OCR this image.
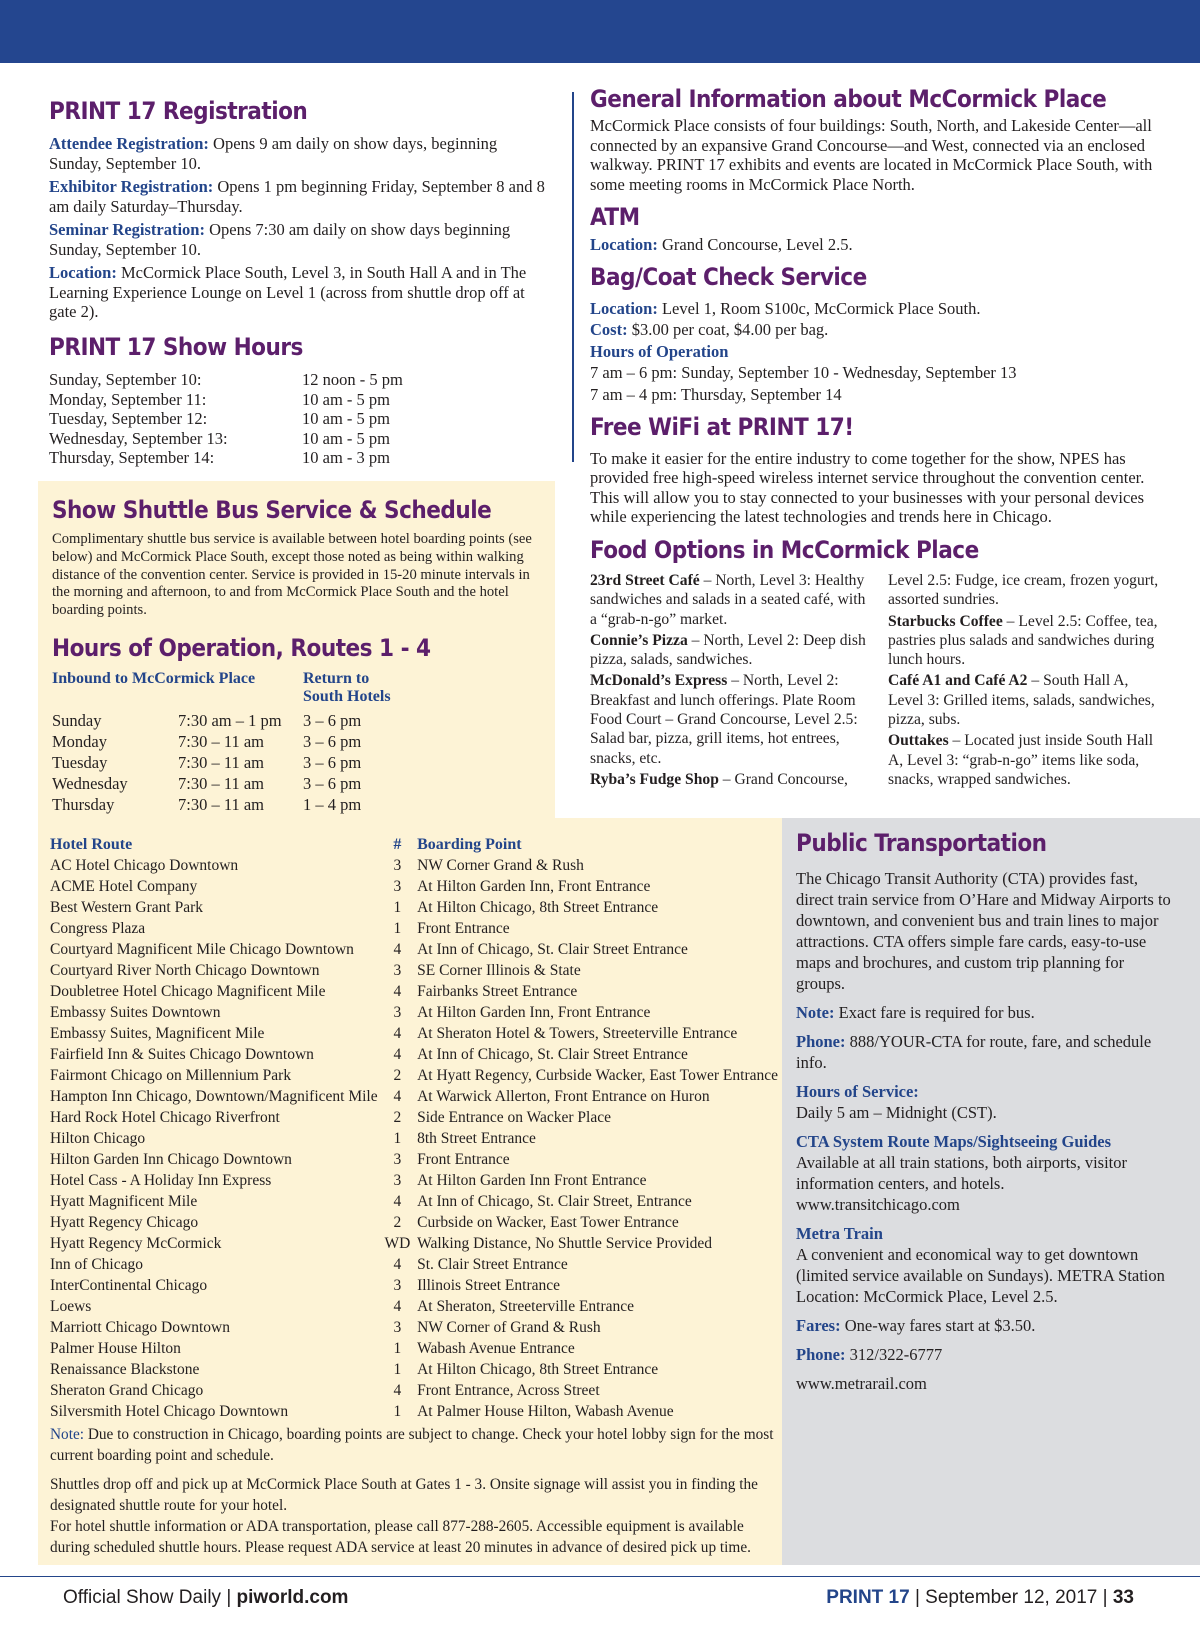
PRINT 17 Registration

Attendee Registration: Opens 9 am daily on show days, beginning Sunday, September 10.

Exhibitor Registration: Opens 1 pm beginning Friday, September 8 and 8 am daily Saturday–Thursday.

Seminar Registration: Opens 7:30 am daily on show days beginning Sunday, September 10.

Location: McCormick Place South, Level 3, in South Hall A and in The Learning Experience Lounge on Level 1 (across from shuttle drop off at gate 2).

PRINT 17 Show Hours
Sunday, September 10:	12 noon - 5 pm
Monday, September 11:	10 am - 5 pm
Tuesday, September 12:	10 am - 5 pm
Wednesday, September 13:	10 am - 5 pm
Thursday, September 14:	10 am - 3 pm
General Information about McCormick Place

McCormick Place consists of four buildings: South, North, and Lakeside Center—all connected by an expansive Grand Concourse—and West, connected via an enclosed walkway. PRINT 17 exhibits and events are located in McCormick Place South, with some meeting rooms in McCormick Place North.

ATM

Location: Grand Concourse, Level 2.5.

Bag/Coat Check Service

Location: Level 1, Room S100c, McCormick Place South.

Cost: $3.00 per coat, $4.00 per bag.

Hours of Operation

7 am – 6 pm: Sunday, September 10 - Wednesday, September 13

7 am – 4 pm: Thursday, September 14

Free WiFi at PRINT 17!

To make it easier for the entire industry to come together for the show, NPES has provided free high-speed wireless internet service throughout the convention center. This will allow you to stay connected to your businesses with your personal devices while experiencing the latest technologies and trends here in Chicago.

Food Options in McCormick Place

23rd Street Café – North, Level 3: Healthy sandwiches and salads in a seated café, with a “grab-n-go” market.

Connie’s Pizza – North, Level 2: Deep dish pizza, salads, sandwiches.

McDonald’s Express – North, Level 2: Breakfast and lunch offerings. Plate Room Food Court – Grand Concourse, Level 2.5: Salad bar, pizza, grill items, hot entrees, snacks, etc.

Ryba’s Fudge Shop – Grand Concourse,

Level 2.5: Fudge, ice cream, frozen yogurt, assorted sundries.

Starbucks Coffee – Level 2.5: Coffee, tea, pastries plus salads and sandwiches during lunch hours.

Café A1 and Café A2 – South Hall A, Level 3: Grilled items, salads, sandwiches, pizza, subs.

Outtakes – Located just inside South Hall A, Level 3: “grab-n-go” items like soda, snacks, wrapped sandwiches.

Show Shuttle Bus Service & Schedule

Complimentary shuttle bus service is available between hotel boarding points (see below) and McCormick Place South, except those noted as being within walking distance of the convention center. Service is provided in 15-20 minute intervals in the morning and afternoon, to and from McCormick Place South and the hotel boarding points.

Hours of Operation, Routes 1 - 4
Inbound to McCormick Place		Return to South Hotels

Sunday	7:30 am – 1 pm	3 – 6 pm
Monday	7:30 – 11 am	3 – 6 pm
Tuesday	7:30 – 11 am	3 – 6 pm
Wednesday	7:30 – 11 am	3 – 6 pm
Thursday	7:30 – 11 am	1 – 4 pm
Hotel Route	#	Boarding Point
AC Hotel Chicago Downtown	3	NW Corner Grand & Rush
ACME Hotel Company	3	At Hilton Garden Inn, Front Entrance
Best Western Grant Park	1	At Hilton Chicago, 8th Street Entrance
Congress Plaza	1	Front Entrance
Courtyard Magnificent Mile Chicago Downtown	4	At Inn of Chicago, St. Clair Street Entrance
Courtyard River North Chicago Downtown	3	SE Corner Illinois & State
Doubletree Hotel Chicago Magnificent Mile	4	Fairbanks Street Entrance
Embassy Suites Downtown	3	At Hilton Garden Inn, Front Entrance
Embassy Suites, Magnificent Mile	4	At Sheraton Hotel & Towers, Streeterville Entrance
Fairfield Inn & Suites Chicago Downtown	4	At Inn of Chicago, St. Clair Street Entrance
Fairmont Chicago on Millennium Park	2	At Hyatt Regency, Curbside Wacker, East Tower Entrance
Hampton Inn Chicago, Downtown/Magnificent Mile	4	At Warwick Allerton, Front Entrance on Huron
Hard Rock Hotel Chicago Riverfront	2	Side Entrance on Wacker Place
Hilton Chicago	1	8th Street Entrance
Hilton Garden Inn Chicago Downtown	3	Front Entrance
Hotel Cass - A Holiday Inn Express	3	At Hilton Garden Inn Front Entrance
Hyatt Magnificent Mile	4	At Inn of Chicago, St. Clair Street, Entrance
Hyatt Regency Chicago	2	Curbside on Wacker, East Tower Entrance
Hyatt Regency McCormick	WD	Walking Distance, No Shuttle Service Provided
Inn of Chicago	4	St. Clair Street Entrance
InterContinental Chicago	3	Illinois Street Entrance
Loews	4	At Sheraton, Streeterville Entrance
Marriott Chicago Downtown	3	NW Corner of Grand & Rush
Palmer House Hilton	1	Wabash Avenue Entrance
Renaissance Blackstone	1	At Hilton Chicago, 8th Street Entrance
Sheraton Grand Chicago	4	Front Entrance, Across Street
Silversmith Hotel Chicago Downtown	1	At Palmer House Hilton, Wabash Avenue

Note: Due to construction in Chicago, boarding points are subject to change. Check your hotel lobby sign for the most current boarding point and schedule.

Shuttles drop off and pick up at McCormick Place South at Gates 1 - 3. Onsite signage will assist you in finding the designated shuttle route for your hotel.

For hotel shuttle information or ADA transportation, please call 877-288-2605. Accessible equipment is available during scheduled shuttle hours. Please request ADA service at least 20 minutes in advance of desired pick up time.

Public Transportation

The Chicago Transit Authority (CTA) provides fast, direct train service from O’Hare and Midway Airports to downtown, and convenient bus and train lines to major attractions. CTA offers simple fare cards, easy-to-use maps and brochures, and custom trip planning for groups.

Note: Exact fare is required for bus.

Phone: 888/YOUR-CTA for route, fare, and schedule info.

Hours of Service:
Daily 5 am – Midnight (CST).

CTA System Route Maps/Sightseeing Guides
Available at all train stations, both airports, visitor information centers, and hotels.
www.transitchicago.com

Metra Train
A convenient and economical way to get downtown (limited service available on Sundays). METRA Station Location: McCormick Place, Level 2.5.

Fares: One-way fares start at $3.50.

Phone: 312/322-6777

www.metrarail.com

Official Show Daily | piworld.com	PRINT 17 | September 12, 2017 | 33
